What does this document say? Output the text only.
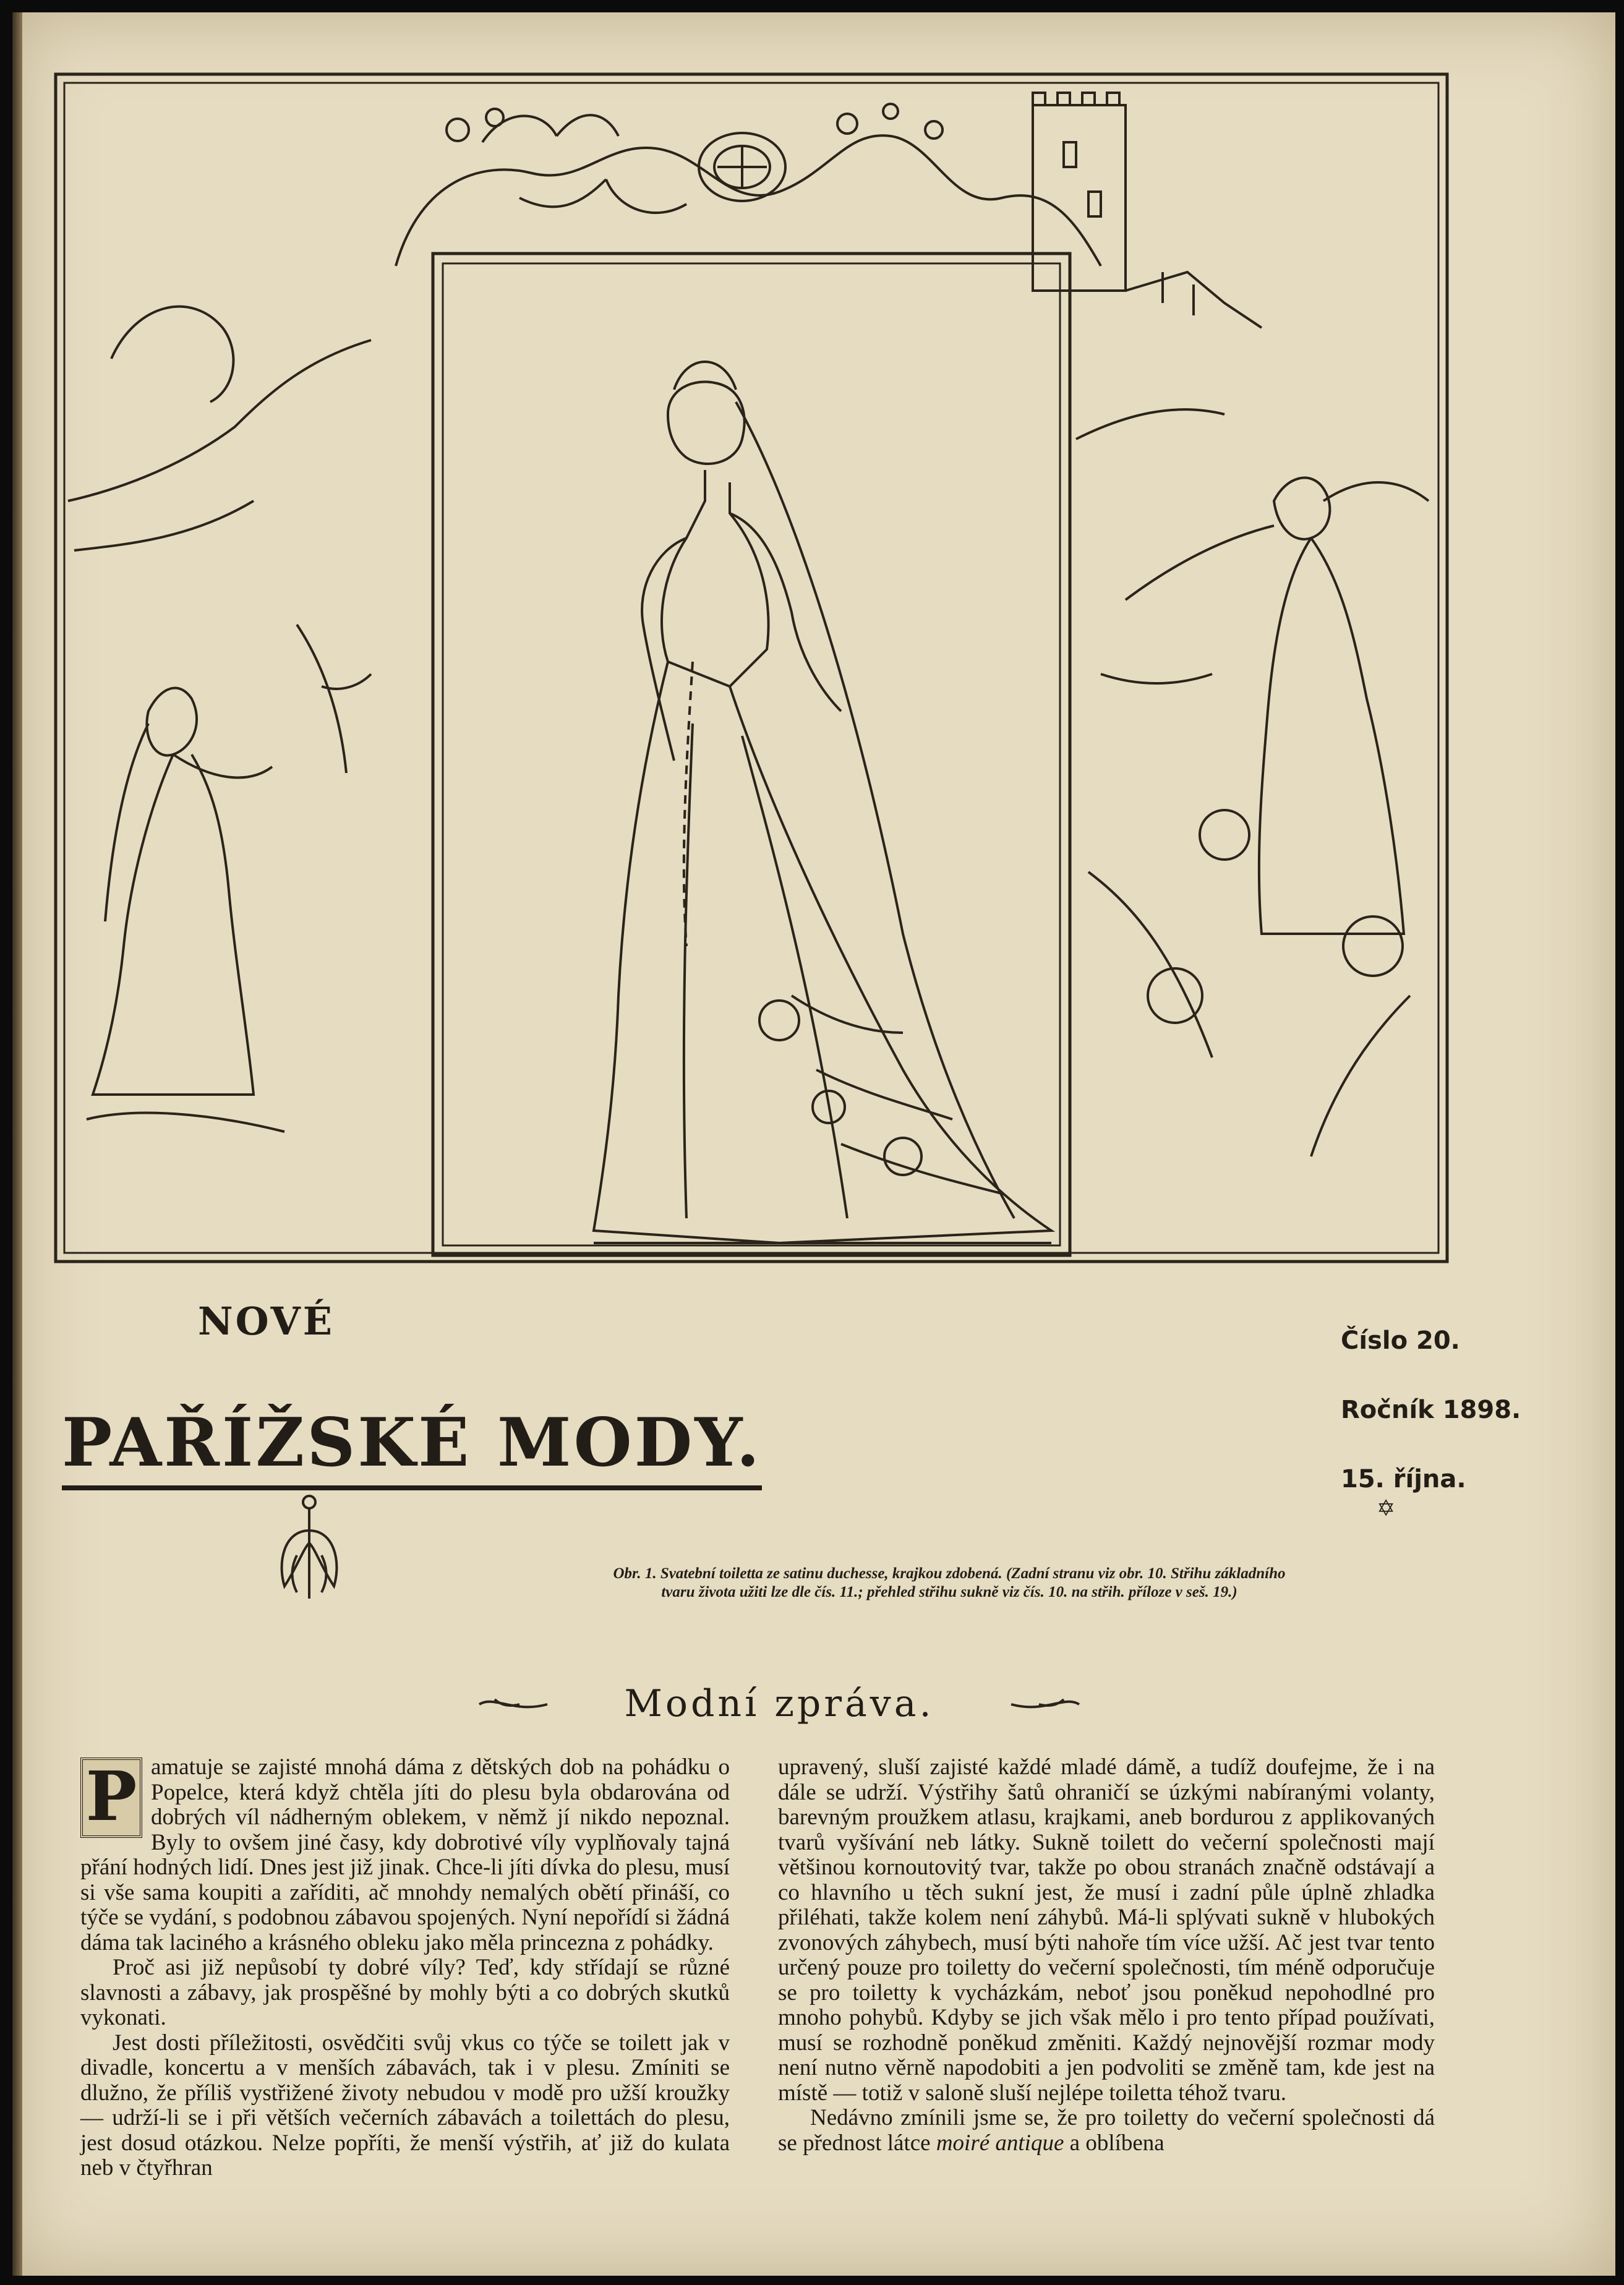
NOVÉ
PAŘÍŽSKÉ MODY.
Číslo 20.
Ročník 1898.
15. října.
✡
Obr. 1. Svatební toiletta ze satinu duchesse, krajkou zdobená. (Zadní stranu viz obr. 10. Střihu základního tvaru života užiti lze dle čís. 11.; přehled střihu sukně viz čís. 10. na střih. příloze v seš. 19.)
Modní zpráva.

P amatuje se zajisté mnohá dáma z dětských dob na pohádku o Popelce, která když chtěla jíti do plesu byla obdarována od dobrých víl nádherným oblekem, v němž jí nikdo nepoznal. Byly to ovšem jiné časy, kdy dobrotivé víly vyplňovaly tajná přání hodných lidí. Dnes jest již jinak. Chce-li jíti dívka do plesu, musí si vše sama koupiti a zaříditi, ač mnohdy nemalých obětí přináší, co týče se vydání, s podobnou zábavou spojených. Nyní nepořídí si žádná dáma tak laciného a krásného obleku jako měla princezna z pohádky.

Proč asi již nepůsobí ty dobré víly? Teď, kdy střídají se různé slavnosti a zábavy, jak prospěšné by mohly býti a co dobrých skutků vykonati.

Jest dosti příležitosti, osvědčiti svůj vkus co týče se toilett jak v divadle, koncertu a v menších zábavách, tak i v plesu. Zmíniti se dlužno, že příliš vystřižené životy nebudou v modě pro užší kroužky — udrží-li se i při větších večerních zábavách a toilettách do plesu, jest dosud otázkou. Nelze popříti, že menší výstřih, ať již do kulata neb v čtyřhran

upravený, sluší zajisté každé mladé dámě, a tudíž doufejme, že i na dále se udrží. Výstřihy šatů ohraničí se úzkými nabíranými volanty, barevným proužkem atlasu, krajkami, aneb bordurou z applikovaných tvarů vyšívání neb látky. Sukně toilett do večerní společnosti mají většinou kornoutovitý tvar, takže po obou stranách značně odstávají a co hlavního u těch sukní jest, že musí i zadní půle úplně zhladka přiléhati, takže kolem není záhybů. Má-li splývati sukně v hlubokých zvonových záhybech, musí býti nahoře tím více užší. Ač jest tvar tento určený pouze pro toiletty do večerní společnosti, tím méně odporučuje se pro toiletty k vycházkám, neboť jsou poněkud nepohodlné pro mnoho pohybů. Kdyby se jich však mělo i pro tento případ používati, musí se rozhodně poněkud změniti. Každý nejnovější rozmar mody není nutno věrně napodobiti a jen podvoliti se změně tam, kde jest na místě — totiž v saloně sluší nejlépe toiletta téhož tvaru.

Nedávno zmínili jsme se, že pro toiletty do večerní společnosti dá se přednost látce moiré antique a oblíbena
